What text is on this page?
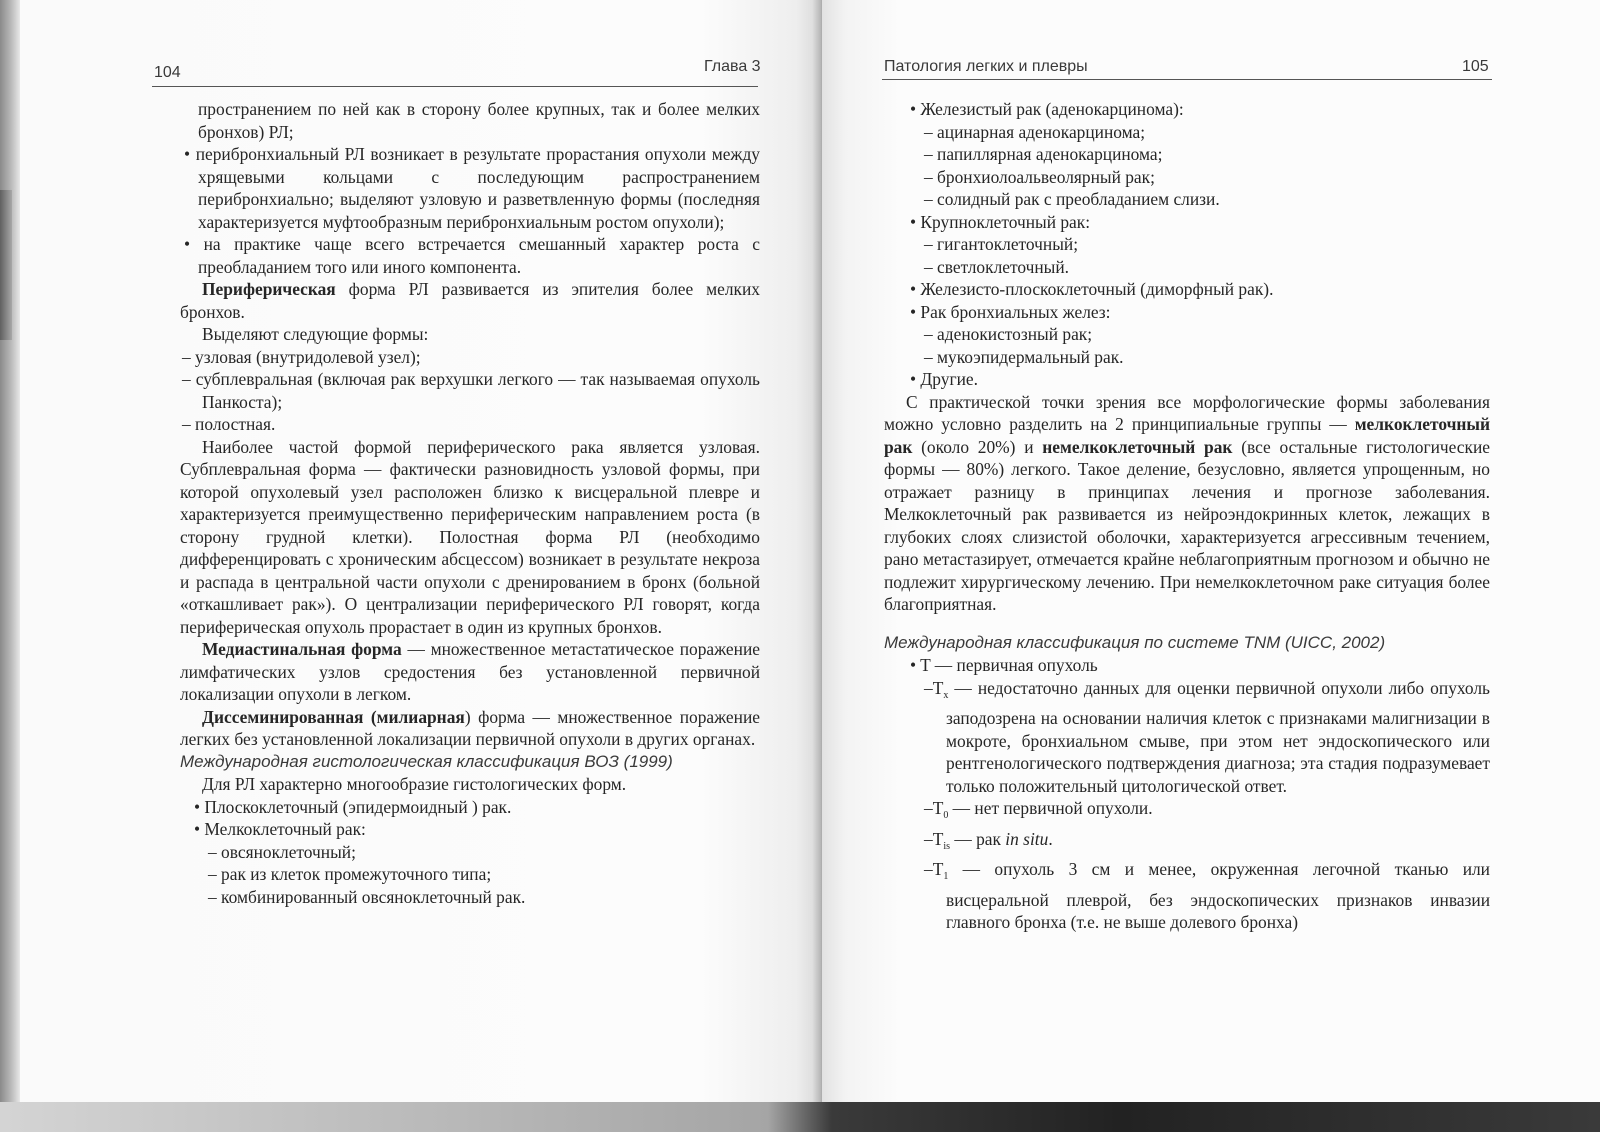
104	Глава 3

пространением по ней как в сторону более крупных, так и более мелких бронхов) РЛ;

• перибронхиальный РЛ возникает в результате прорастания опухоли между хрящевыми кольцами с последующим распространением перибронхиально; выделяют узловую и разветвленную формы (последняя характеризуется муфтообразным перибронхиальным ростом опухоли);

• на практике чаще всего встречается смешанный характер роста с преобладанием того или иного компонента.

Периферическая форма РЛ развивается из эпителия более мелких бронхов.

Выделяют следующие формы:

– узловая (внутридолевой узел);

– субплевральная (включая рак верхушки легкого — так называемая опухоль Панкоста);

– полостная.

Наиболее частой формой периферического рака является узловая. Субплевральная форма — фактически разновидность узловой формы, при которой опухолевый узел расположен близко к висцеральной плевре и характеризуется преимущественно периферическим направлением роста (в сторону грудной клетки). Полостная форма РЛ (необходимо дифференцировать с хроническим абсцессом) возникает в результате некроза и распада в центральной части опухоли с дренированием в бронх (больной «откашливает рак»). О централизации периферического РЛ говорят, когда периферическая опухоль прорастает в один из крупных бронхов.

Медиастинальная форма — множественное метастатическое поражение лимфатических узлов средостения без установленной первичной локализации опухоли в легком.

Диссеминированная (милиарная) форма — множественное поражение легких без установленной локализации первичной опухоли в других органах.

Международная гистологическая классификация ВОЗ (1999)

Для РЛ характерно многообразие гистологических форм.

• Плоскоклеточный (эпидермоидный ) рак.

• Мелкоклеточный рак:

– овсяноклеточный;

– рак из клеток промежуточного типа;

– комбинированный овсяноклеточный рак.

Патология легких и плевры	105

• Железистый рак (аденокарцинома):

– ацинарная аденокарцинома;

– папиллярная аденокарцинома;

– бронхиолоальвеолярный рак;

– солидный рак с преобладанием слизи.

• Крупноклеточный рак:

– гигантоклеточный;

– светлоклеточный.

• Железисто-плоскоклеточный (диморфный рак).

• Рак бронхиальных желез:

– аденокистозный рак;

– мукоэпидермальный рак.

• Другие.

С практической точки зрения все морфологические формы заболевания можно условно разделить на 2 принципиальные группы — мелкоклеточный рак (около 20%) и немелкоклеточный рак (все остальные гистологические формы — 80%) легкого. Такое деление, безусловно, является упрощенным, но отражает разницу в принципах лечения и прогнозе заболевания. Мелкоклеточный рак развивается из нейроэндокринных клеток, лежащих в глубоких слоях слизистой оболочки, характеризуется агрессивным течением, рано метастазирует, отмечается крайне неблагоприятным прогнозом и обычно не подлежит хирургическому лечению. При немелкоклеточном раке ситуация более благоприятная.

Международная классификация по системе TNM (UICC, 2002)

• T — первичная опухоль

$-T_x$ — недостаточно данных для оценки первичной опухоли либо опухоль заподозрена на основании наличия клеток с признаками малигнизации в мокроте, бронхиальном смыве, при этом нет эндоскопического или рентгенологического подтверждения диагноза; эта стадия подразумевает только положительный цитологической ответ.

$-T_0$ — нет первичной опухоли.

$-T_{is}$ — рак in situ.

$-T_1$ — опухоль 3 см и менее, окруженная легочной тканью или висцеральной плеврой, без эндоскопических признаков инвазии главного бронха (т.е. не выше долевого бронха)
